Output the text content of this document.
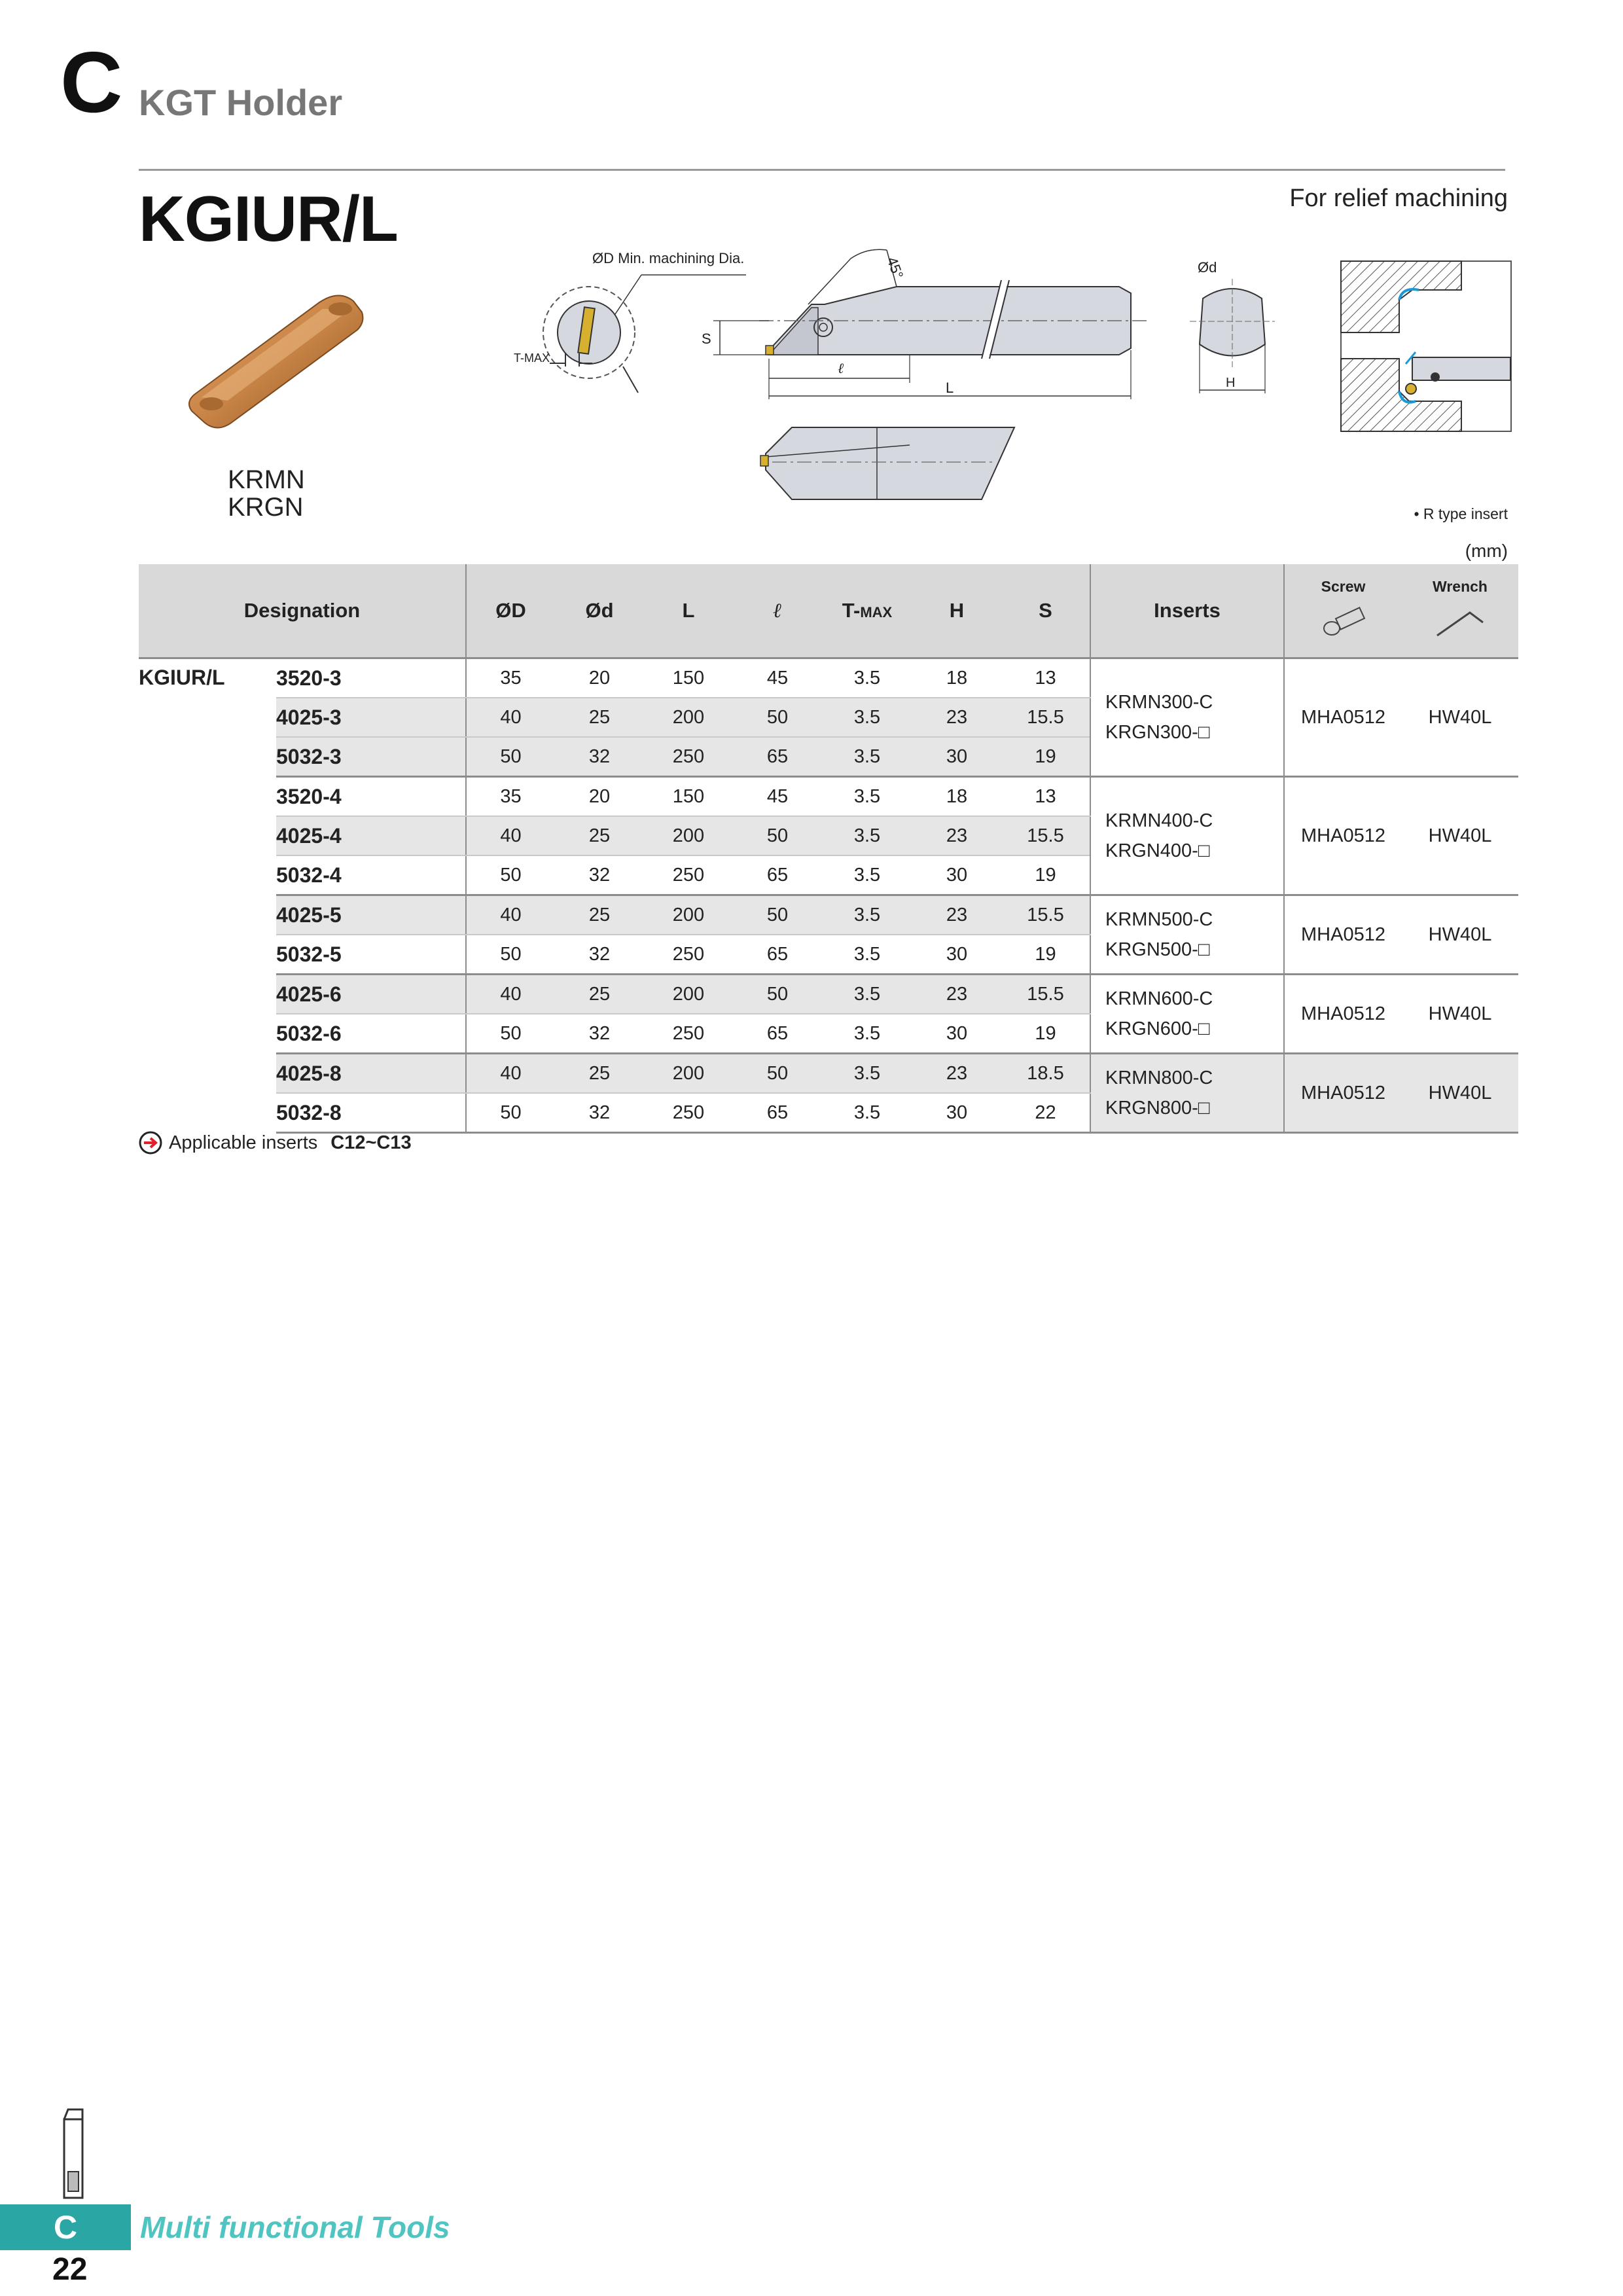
C KGT Holder
KGIUR/L	For relief machining
KRMN
KRGN
ØD Min. machining Dia.
T-MAX
45°
S
ℓ
L
Ød
H
• R type insert
(mm)
Designation		ØD	Ød	L	ℓ	T-MAX	H	S	Inserts	Screw	Wrench

KGIUR/L	3520-3	35	20	150	45	3.5	18	13	KRMN300-C
KRGN300-□	MHA0512	HW40L
	4025-3	40	25	200	50	3.5	23	15.5			
	5032-3	50	32	250	65	3.5	30	19			
	3520-4	35	20	150	45	3.5	18	13	KRMN400-C
KRGN400-□	MHA0512	HW40L
	4025-4	40	25	200	50	3.5	23	15.5			
	5032-4	50	32	250	65	3.5	30	19			
	4025-5	40	25	200	50	3.5	23	15.5	KRMN500-C
KRGN500-□	MHA0512	HW40L
	5032-5	50	32	250	65	3.5	30	19			
	4025-6	40	25	200	50	3.5	23	15.5	KRMN600-C
KRGN600-□	MHA0512	HW40L
	5032-6	50	32	250	65	3.5	30	19			
	4025-8	40	25	200	50	3.5	23	18.5	KRMN800-C
KRGN800-□	MHA0512	HW40L
	5032-8	50	32	250	65	3.5	30	22			
Applicable inserts C12~C13
C	Multi functional Tools
22
